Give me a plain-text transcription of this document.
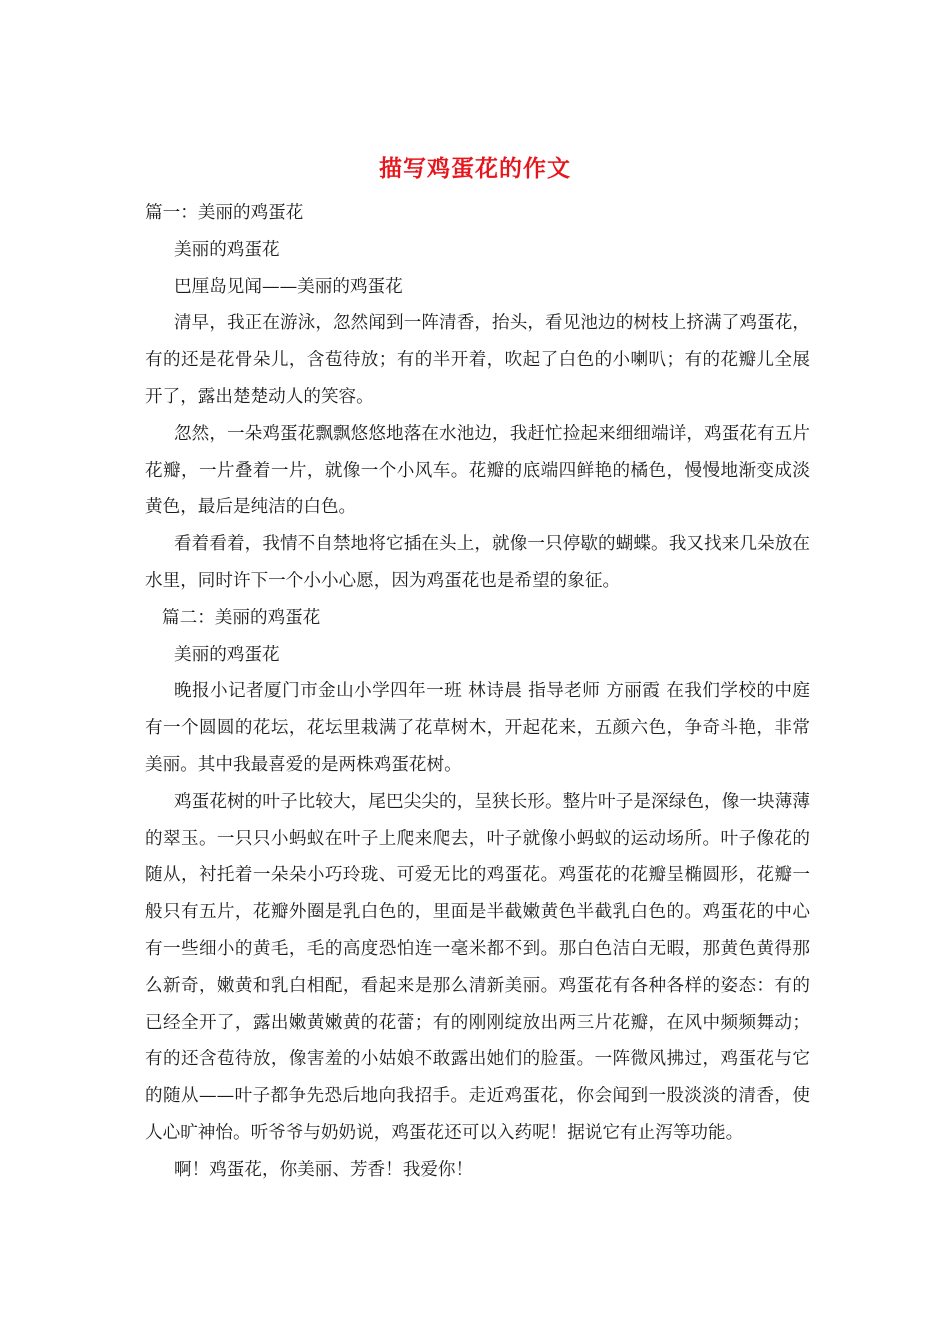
描写鸡蛋花的作文

篇一：美丽的鸡蛋花

美丽的鸡蛋花

巴厘岛见闻——美丽的鸡蛋花

清早，我正在游泳，忽然闻到一阵清香，抬头，看见池边的树枝上挤满了鸡蛋花，有的还是花骨朵儿，含苞待放；有的半开着，吹起了白色的小喇叭；有的花瓣儿全展开了，露出楚楚动人的笑容。

忽然，一朵鸡蛋花飘飘悠悠地落在水池边，我赶忙捡起来细细端详，鸡蛋花有五片花瓣，一片叠着一片，就像一个小风车。花瓣的底端四鲜艳的橘色，慢慢地渐变成淡黄色，最后是纯洁的白色。

看着看着，我情不自禁地将它插在头上，就像一只停歇的蝴蝶。我又找来几朵放在水里，同时许下一个小小心愿，因为鸡蛋花也是希望的象征。

篇二：美丽的鸡蛋花

美丽的鸡蛋花

晚报小记者厦门市金山小学四年一班 林诗晨 指导老师 方丽霞 在我们学校的中庭有一个圆圆的花坛，花坛里栽满了花草树木，开起花来，五颜六色，争奇斗艳，非常美丽。其中我最喜爱的是两株鸡蛋花树。

鸡蛋花树的叶子比较大，尾巴尖尖的，呈狭长形。整片叶子是深绿色，像一块薄薄的翠玉。一只只小蚂蚁在叶子上爬来爬去，叶子就像小蚂蚁的运动场所。叶子像花的随从，衬托着一朵朵小巧玲珑、可爱无比的鸡蛋花。鸡蛋花的花瓣呈椭圆形，花瓣一般只有五片，花瓣外圈是乳白色的，里面是半截嫩黄色半截乳白色的。鸡蛋花的中心有一些细小的黄毛，毛的高度恐怕连一毫米都不到。那白色洁白无暇，那黄色黄得那么新奇，嫩黄和乳白相配，看起来是那么清新美丽。鸡蛋花有各种各样的姿态：有的已经全开了，露出嫩黄嫩黄的花蕾；有的刚刚绽放出两三片花瓣，在风中频频舞动；有的还含苞待放，像害羞的小姑娘不敢露出她们的脸蛋。一阵微风拂过，鸡蛋花与它的随从——叶子都争先恐后地向我招手。走近鸡蛋花，你会闻到一股淡淡的清香，使人心旷神怡。听爷爷与奶奶说，鸡蛋花还可以入药呢！据说它有止泻等功能。

啊！鸡蛋花，你美丽、芳香！我爱你！
